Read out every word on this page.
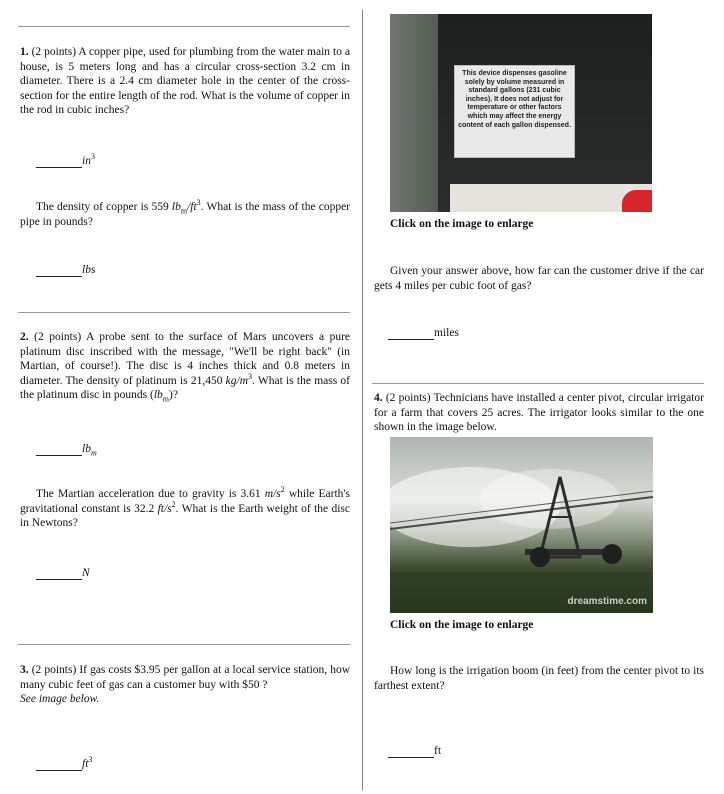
1. (2 points) A copper pipe, used for plumbing from the water main to a house, is 5 meters long and has a circular cross-section 3.2 cm in diameter. There is a 2.4 cm diameter hole in the center of the cross-section for the entire length of the rod. What is the volume of copper in the rod in cubic inches?

$in^3$

The density of copper is 559 $lb_m/ft^3$. What is the mass of the copper pipe in pounds?

lbs

2. (2 points) A probe sent to the surface of Mars uncovers a pure platinum disc inscribed with the message, "We'll be right back" (in Martian, of course!). The disc is 4 inches thick and 0.8 meters in diameter. The density of platinum is 21,450 $kg/m^3$. What is the mass of the platinum disc in pounds $(lb_m)$?

$lb_m$

The Martian acceleration due to gravity is 3.61 $m/s^2$ while Earth's gravitational constant is 32.2 $ft/s^2$. What is the Earth weight of the disc in Newtons?

N

3. (2 points) If gas costs $3.95 per gallon at a local service station, how many cubic feet of gas can a customer buy with $50 ?
See image below.

$ft^3$
This device dispenses gasoline solely by volume measured in standard gallons (231 cubic inches). It does not adjust for temperature or other factors which may affect the energy content of each gallon dispensed.
Click on the image to enlarge

Given your answer above, how far can the customer drive if the car gets 4 miles per cubic foot of gas?

miles

4. (2 points) Technicians have installed a center pivot, circular irrigator for a farm that covers 25 acres. The irrigator looks similar to the one shown in the image below.

dreamstime.com
Click on the image to enlarge

How long is the irrigation boom (in feet) from the center pivot to its farthest extent?

ft
